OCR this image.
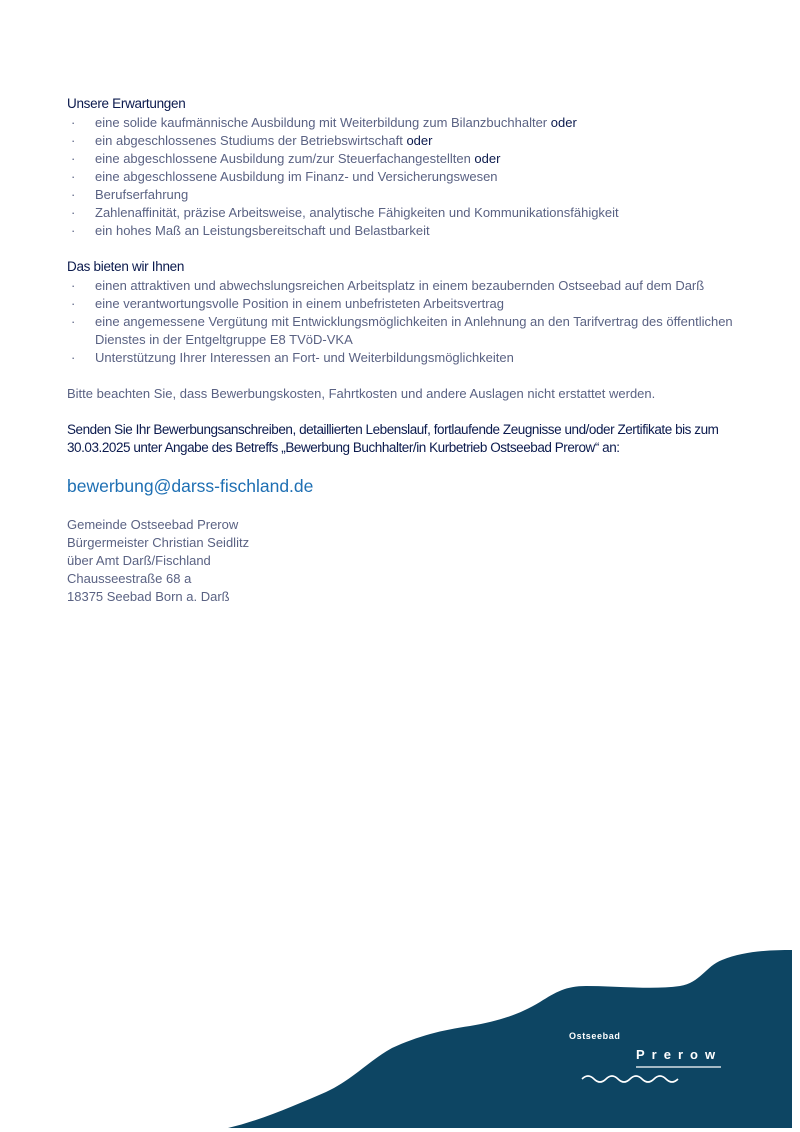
Unsere Erwartungen
· eine solide kaufmännische Ausbildung mit Weiterbildung zum Bilanzbuchhalter oder
· ein abgeschlossenes Studiums der Betriebswirtschaft oder
· eine abgeschlossene Ausbildung zum/zur Steuerfachangestellten oder
· eine abgeschlossene Ausbildung im Finanz- und Versicherungswesen
· Berufserfahrung
· Zahlenaffinität, präzise Arbeitsweise, analytische Fähigkeiten und Kommunikationsfähigkeit
· ein hohes Maß an Leistungsbereitschaft und Belastbarkeit
Das bieten wir Ihnen
· einen attraktiven und abwechslungsreichen Arbeitsplatz in einem bezaubernden Ostseebad auf dem Darß
· eine verantwortungsvolle Position in einem unbefristeten Arbeitsvertrag
· eine angemessene Vergütung mit Entwicklungsmöglichkeiten in Anlehnung an den Tarifvertrag des öffentlichen Dienstes in der Entgeltgruppe E8 TVöD-VKA
· Unterstützung Ihrer Interessen an Fort- und Weiterbildungsmöglichkeiten
Bitte beachten Sie, dass Bewerbungskosten, Fahrtkosten und andere Auslagen nicht erstattet werden.
Senden Sie Ihr Bewerbungsanschreiben, detaillierten Lebenslauf, fortlaufende Zeugnisse und/oder Zertifikate bis zum 30.03.2025 unter Angabe des Betreffs „Bewerbung Buchhalter/in Kurbetrieb Ostseebad Prerow“ an:
bewerbung@darss-fischland.de
Gemeinde Ostseebad Prerow
Bürgermeister Christian Seidlitz
über Amt Darß/Fischland
Chausseestraße 68 a
18375 Seebad Born a. Darß
Ostseebad
Prerow
